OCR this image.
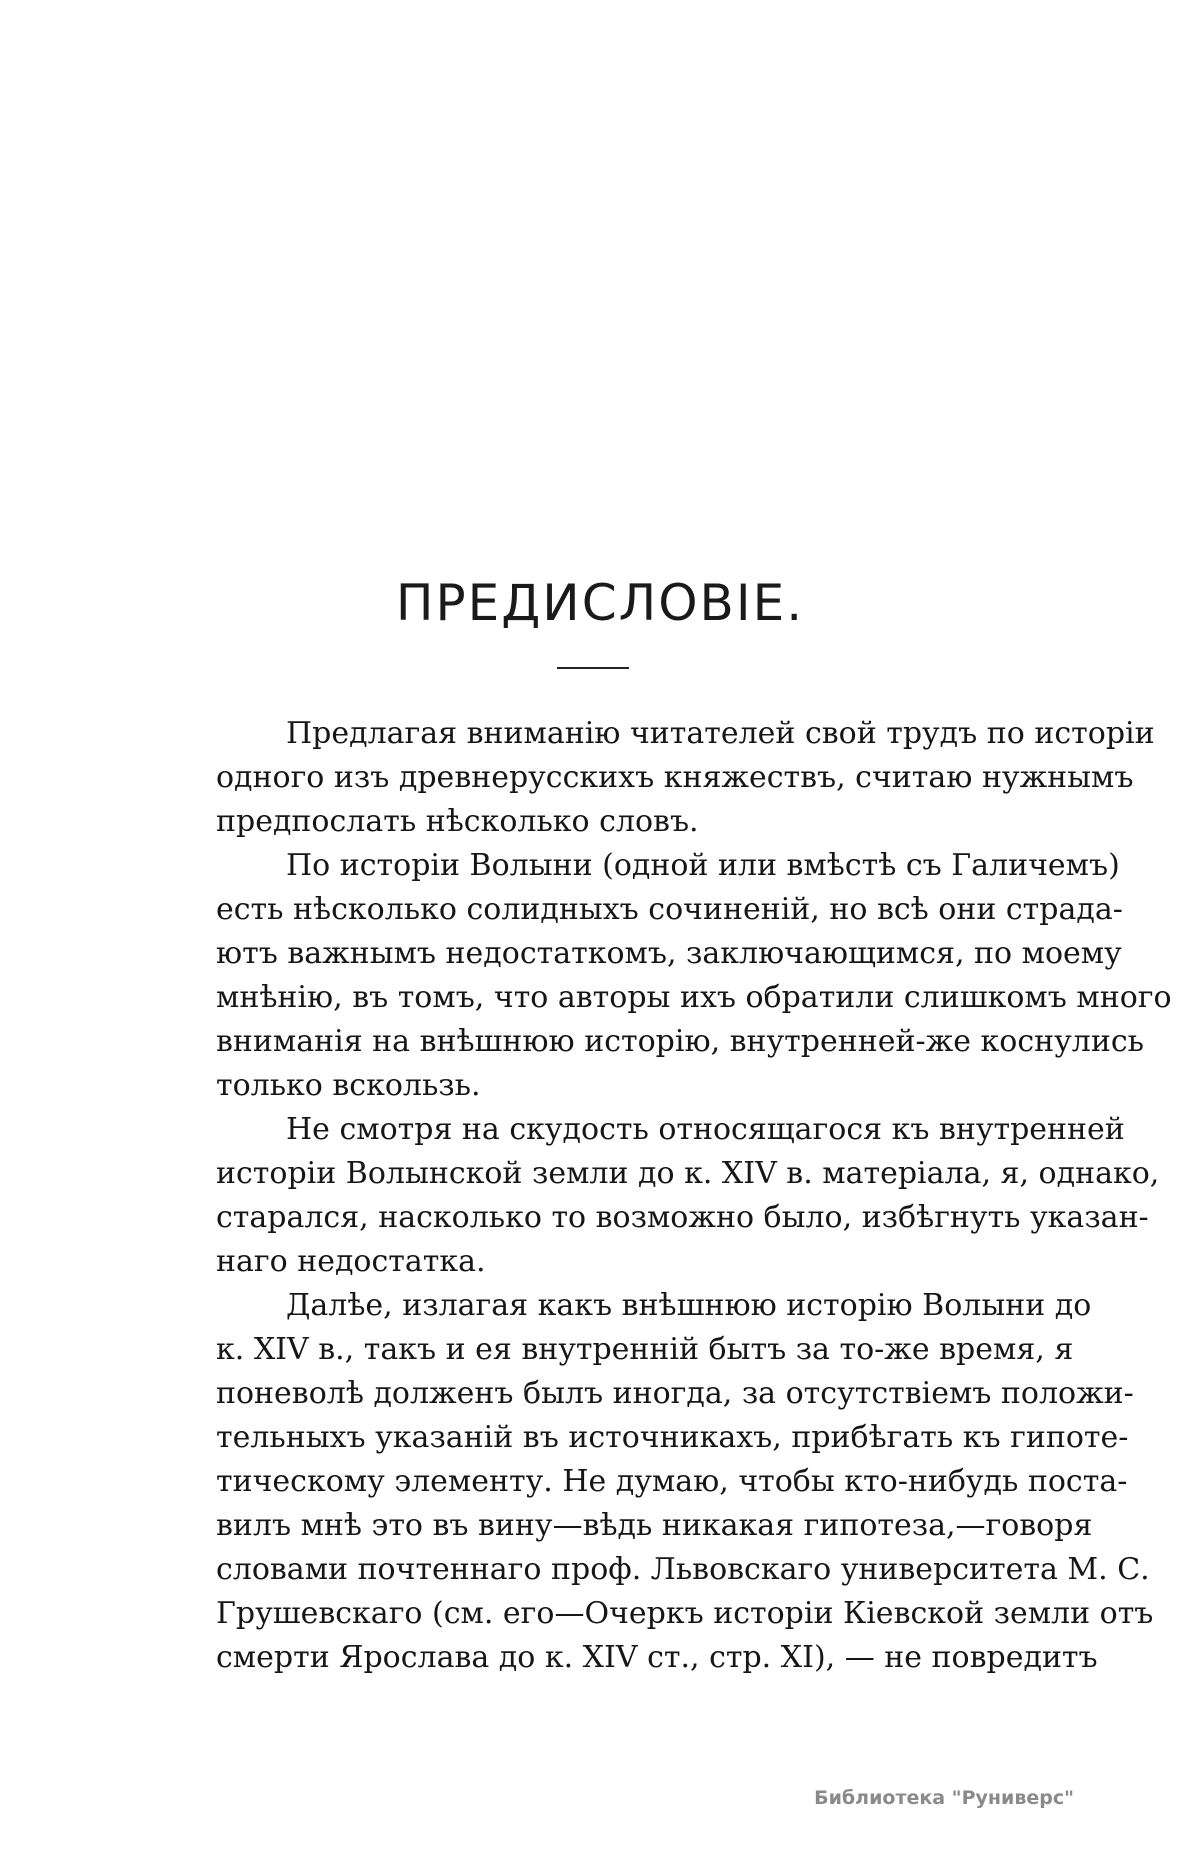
ПРЕДИСЛОВІЕ.
Предлагая вниманію читателей свой трудъ по исторіи
одного изъ древнерусскихъ княжествъ, считаю нужнымъ
предпослать нѣсколько словъ.
По исторіи Волыни (одной или вмѣстѣ съ Галичемъ)
есть нѣсколько солидныхъ сочиненій, но всѣ они страда-
ютъ важнымъ недостаткомъ, заключающимся, по моему
мнѣнію, въ томъ, что авторы ихъ обратили слишкомъ много
вниманія на внѣшнюю исторію, внутренней-же коснулись
только вскользь.
Не смотря на скудость относящагося къ внутренней
исторіи Волынской земли до к. XIV в. матеріала, я, однако,
старался, насколько то возможно было, избѣгнуть указан-
наго недостатка.
Далѣе, излагая какъ внѣшнюю исторію Волыни до
к. XIV в., такъ и ея внутренній бытъ за то-же время, я
поневолѣ долженъ былъ иногда, за отсутствіемъ положи-
тельныхъ указаній въ источникахъ, прибѣгать къ гипоте-
тическому элементу. Не думаю, чтобы кто-нибудь поста-
вилъ мнѣ это въ вину—вѣдь никакая гипотеза,—говоря
словами почтеннаго проф. Львовскаго университета М. С.
Грушевскаго (см. его—Очеркъ исторіи Кіевской земли отъ
смерти Ярослава до к. XIV ст., стр. XI), — не повредитъ
Библиотека "Руниверс"
